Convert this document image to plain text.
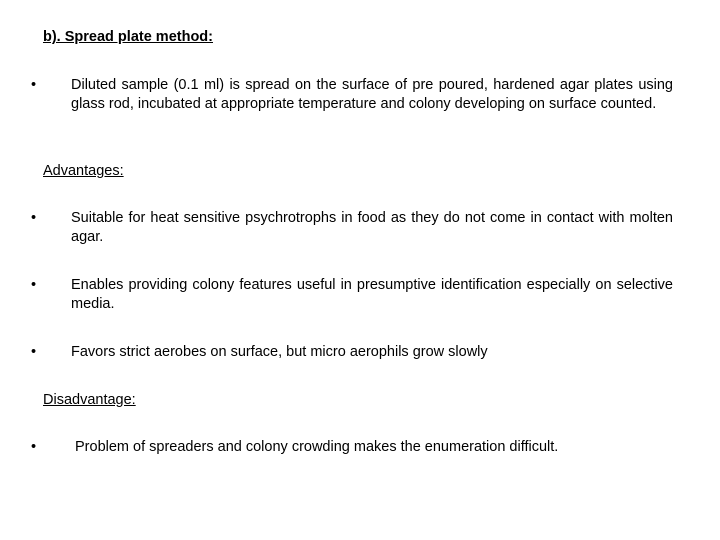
b). Spread plate method:
•	Diluted sample (0.1 ml) is spread on the surface of pre poured, hardened agar plates using glass rod, incubated at appropriate temperature and colony developing on surface counted.
Advantages:
•	Suitable for heat sensitive psychrotrophs in food as they do not come in contact with molten agar.
•	Enables providing colony features useful in presumptive identification especially on selective media.
•	Favors strict aerobes on surface, but micro aerophils grow slowly
Disadvantage:
•	Problem of spreaders and colony crowding makes the enumeration difficult.
